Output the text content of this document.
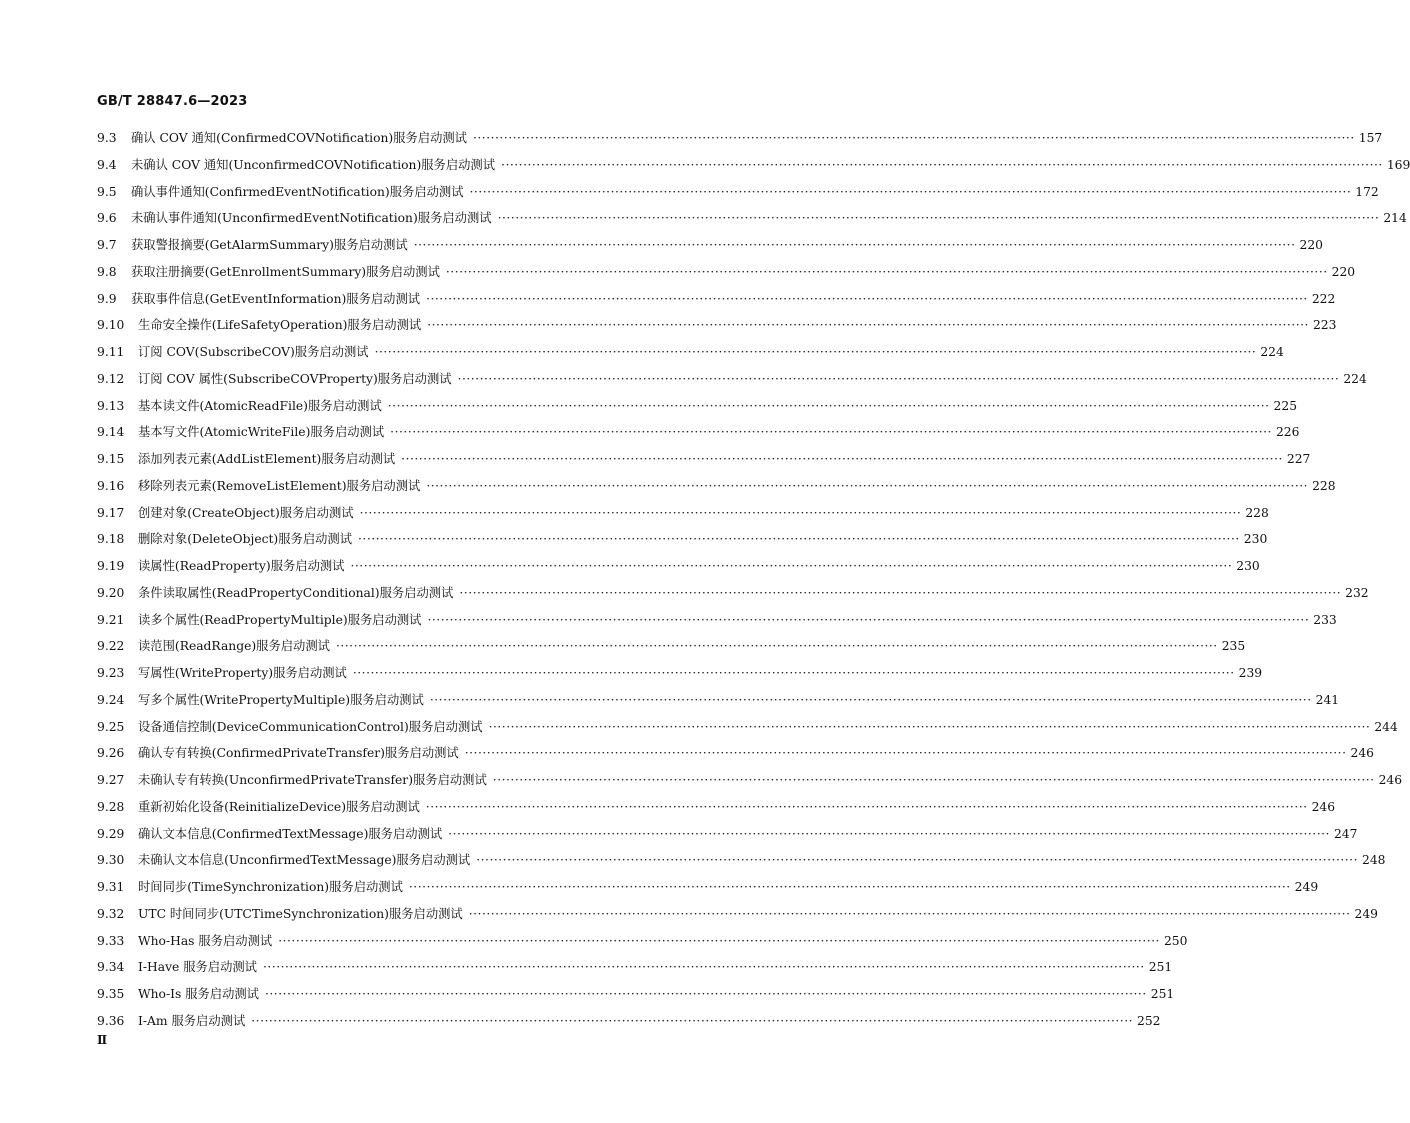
GB/T 28847.6—2023
9.3	确认 COV 通知(ConfirmedCOVNotification)服务启动测试 ········································································································································································································ 157
9.4	未确认 COV 通知(UnconfirmedCOVNotification)服务启动测试 ········································································································································································································ 169
9.5	确认事件通知(ConfirmedEventNotification)服务启动测试 ········································································································································································································ 172
9.6	未确认事件通知(UnconfirmedEventNotification)服务启动测试 ········································································································································································································ 214
9.7	获取警报摘要(GetAlarmSummary)服务启动测试 ········································································································································································································ 220
9.8	获取注册摘要(GetEnrollmentSummary)服务启动测试 ········································································································································································································ 220
9.9	获取事件信息(GetEventInformation)服务启动测试 ········································································································································································································ 222
9.10	生命安全操作(LifeSafetyOperation)服务启动测试 ········································································································································································································ 223
9.11	订阅 COV(SubscribeCOV)服务启动测试 ········································································································································································································ 224
9.12	订阅 COV 属性(SubscribeCOVProperty)服务启动测试 ········································································································································································································ 224
9.13	基本读文件(AtomicReadFile)服务启动测试 ········································································································································································································ 225
9.14	基本写文件(AtomicWriteFile)服务启动测试 ········································································································································································································ 226
9.15	添加列表元素(AddListElement)服务启动测试 ········································································································································································································ 227
9.16	移除列表元素(RemoveListElement)服务启动测试 ········································································································································································································ 228
9.17	创建对象(CreateObject)服务启动测试 ········································································································································································································ 228
9.18	删除对象(DeleteObject)服务启动测试 ········································································································································································································ 230
9.19	读属性(ReadProperty)服务启动测试 ········································································································································································································ 230
9.20	条件读取属性(ReadPropertyConditional)服务启动测试 ········································································································································································································ 232
9.21	读多个属性(ReadPropertyMultiple)服务启动测试 ········································································································································································································ 233
9.22	读范围(ReadRange)服务启动测试 ········································································································································································································ 235
9.23	写属性(WriteProperty)服务启动测试 ········································································································································································································ 239
9.24	写多个属性(WritePropertyMultiple)服务启动测试 ········································································································································································································ 241
9.25	设备通信控制(DeviceCommunicationControl)服务启动测试 ········································································································································································································ 244
9.26	确认专有转换(ConfirmedPrivateTransfer)服务启动测试 ········································································································································································································ 246
9.27	未确认专有转换(UnconfirmedPrivateTransfer)服务启动测试 ········································································································································································································ 246
9.28	重新初始化设备(ReinitializeDevice)服务启动测试 ········································································································································································································ 246
9.29	确认文本信息(ConfirmedTextMessage)服务启动测试 ········································································································································································································ 247
9.30	未确认文本信息(UnconfirmedTextMessage)服务启动测试 ········································································································································································································ 248
9.31	时间同步(TimeSynchronization)服务启动测试 ········································································································································································································ 249
9.32	UTC 时间同步(UTCTimeSynchronization)服务启动测试 ········································································································································································································ 249
9.33	Who-Has 服务启动测试 ········································································································································································································ 250
9.34	I-Have 服务启动测试 ········································································································································································································ 251
9.35	Who-Is 服务启动测试 ········································································································································································································ 251
9.36	I-Am 服务启动测试 ········································································································································································································ 252
Ⅱ
